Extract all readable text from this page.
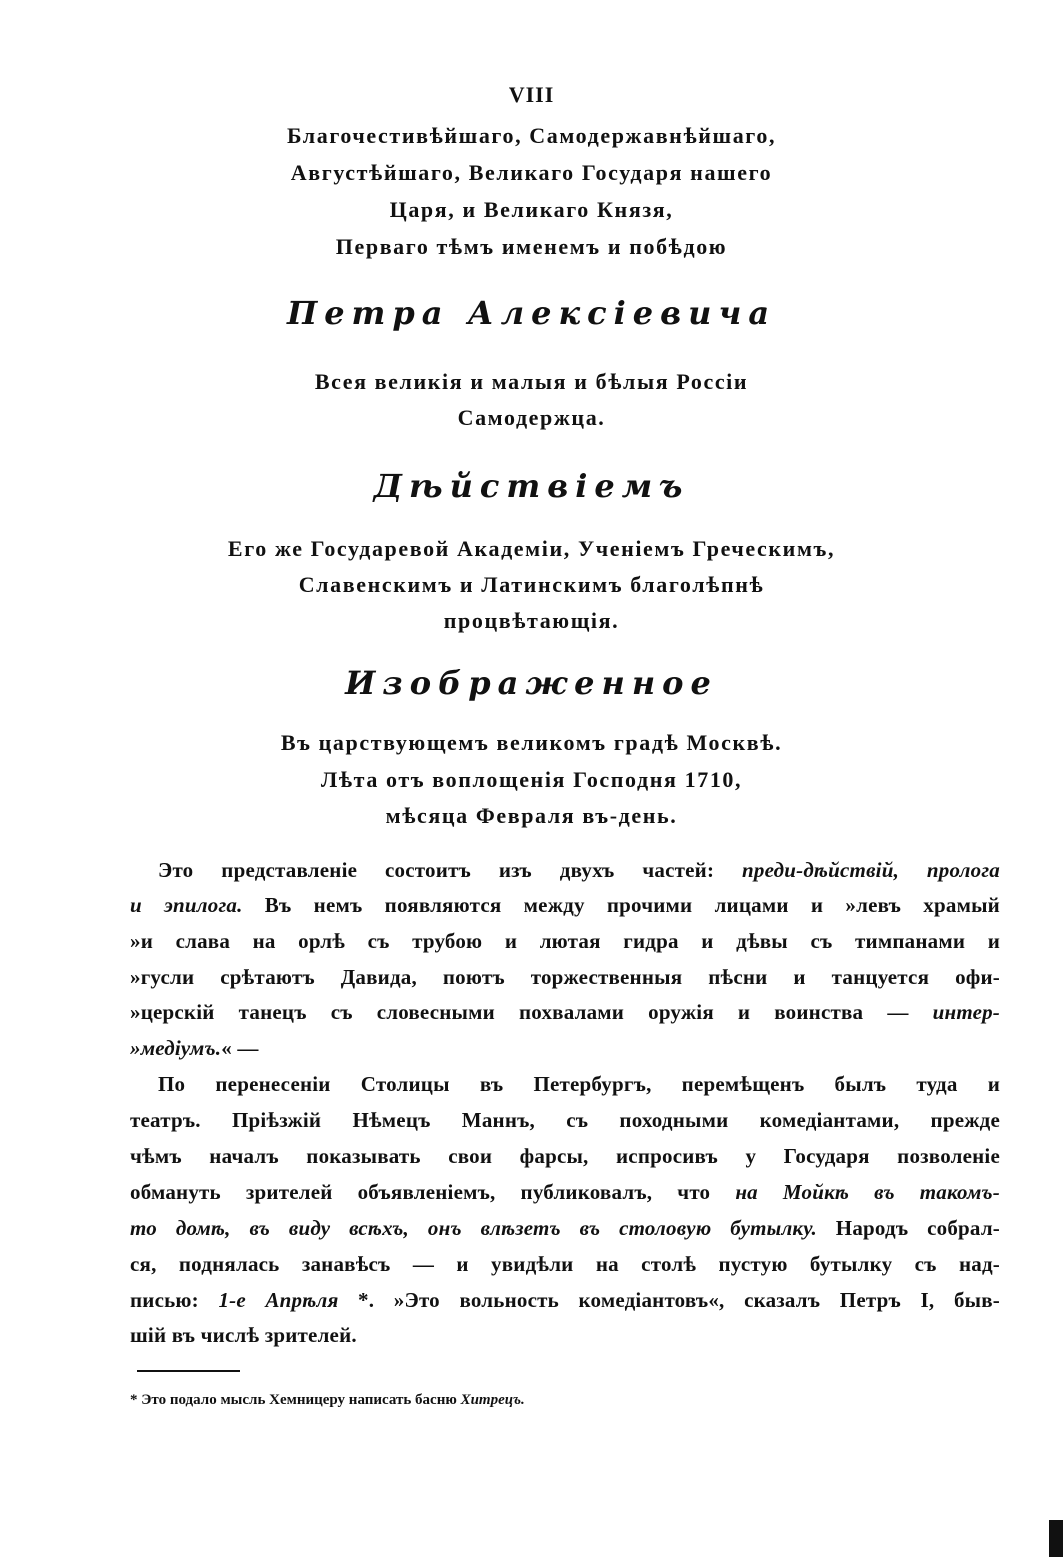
VIII
Благочестивѣйшаго, Самодержавнѣйшаго,
Августѣйшаго, Великаго Государя нашего
Царя, и Великаго Князя,
Перваго тѣмъ именемъ и побѣдою
Петра Алексіевича
Всея великія и малыя и бѣлыя Россіи
Самодержца.
Дѣйствіемъ
Его же Государевой Академіи, Ученіемъ Греческимъ,
Славенскимъ и Латинскимъ благолѣпнѣ
процвѣтающія.
Изображенное
Въ царствующемъ великомъ градѣ Москвѣ.
Лѣта отъ воплощенія Господня 1710,
мѣсяца Февраля въ-день.
Это представленіе состоитъ изъ двухъ частей: преди-дѣйствій, пролога
и эпилога. Въ немъ появляются между прочими лицами и »левъ храмый
»и слава на орлѣ съ трубою и лютая гидра и дѣвы съ тимпанами и
»гусли срѣтаютъ Давида, поютъ торжественныя пѣсни и танцуется офи-
»церскій танецъ съ словесными похвалами оружія и воинства — интер-
»медіумъ.« —
По перенесеніи Столицы въ Петербургъ, перемѣщенъ былъ туда и
театръ. Пріѣзжій Нѣмецъ Маннъ, съ походными комедіантами, прежде
чѣмъ началъ показывать свои фарсы, испросивъ у Государя позволеніе
обмануть зрителей объявленіемъ, публиковалъ, что на Мойкѣ въ такомъ-
то домѣ, въ виду всѣхъ, онъ влѣзетъ въ столовую бутылку. Народъ собрал-
ся, поднялась занавѣсъ — и увидѣли на столѣ пустую бутылку съ над-
писью: 1-е Апрѣля *. »Это вольность комедіантовъ«, сказалъ Петръ I, быв-
шій въ числѣ зрителей.
* Это подало мысль Хемницеру написать басню Хитрецъ.
